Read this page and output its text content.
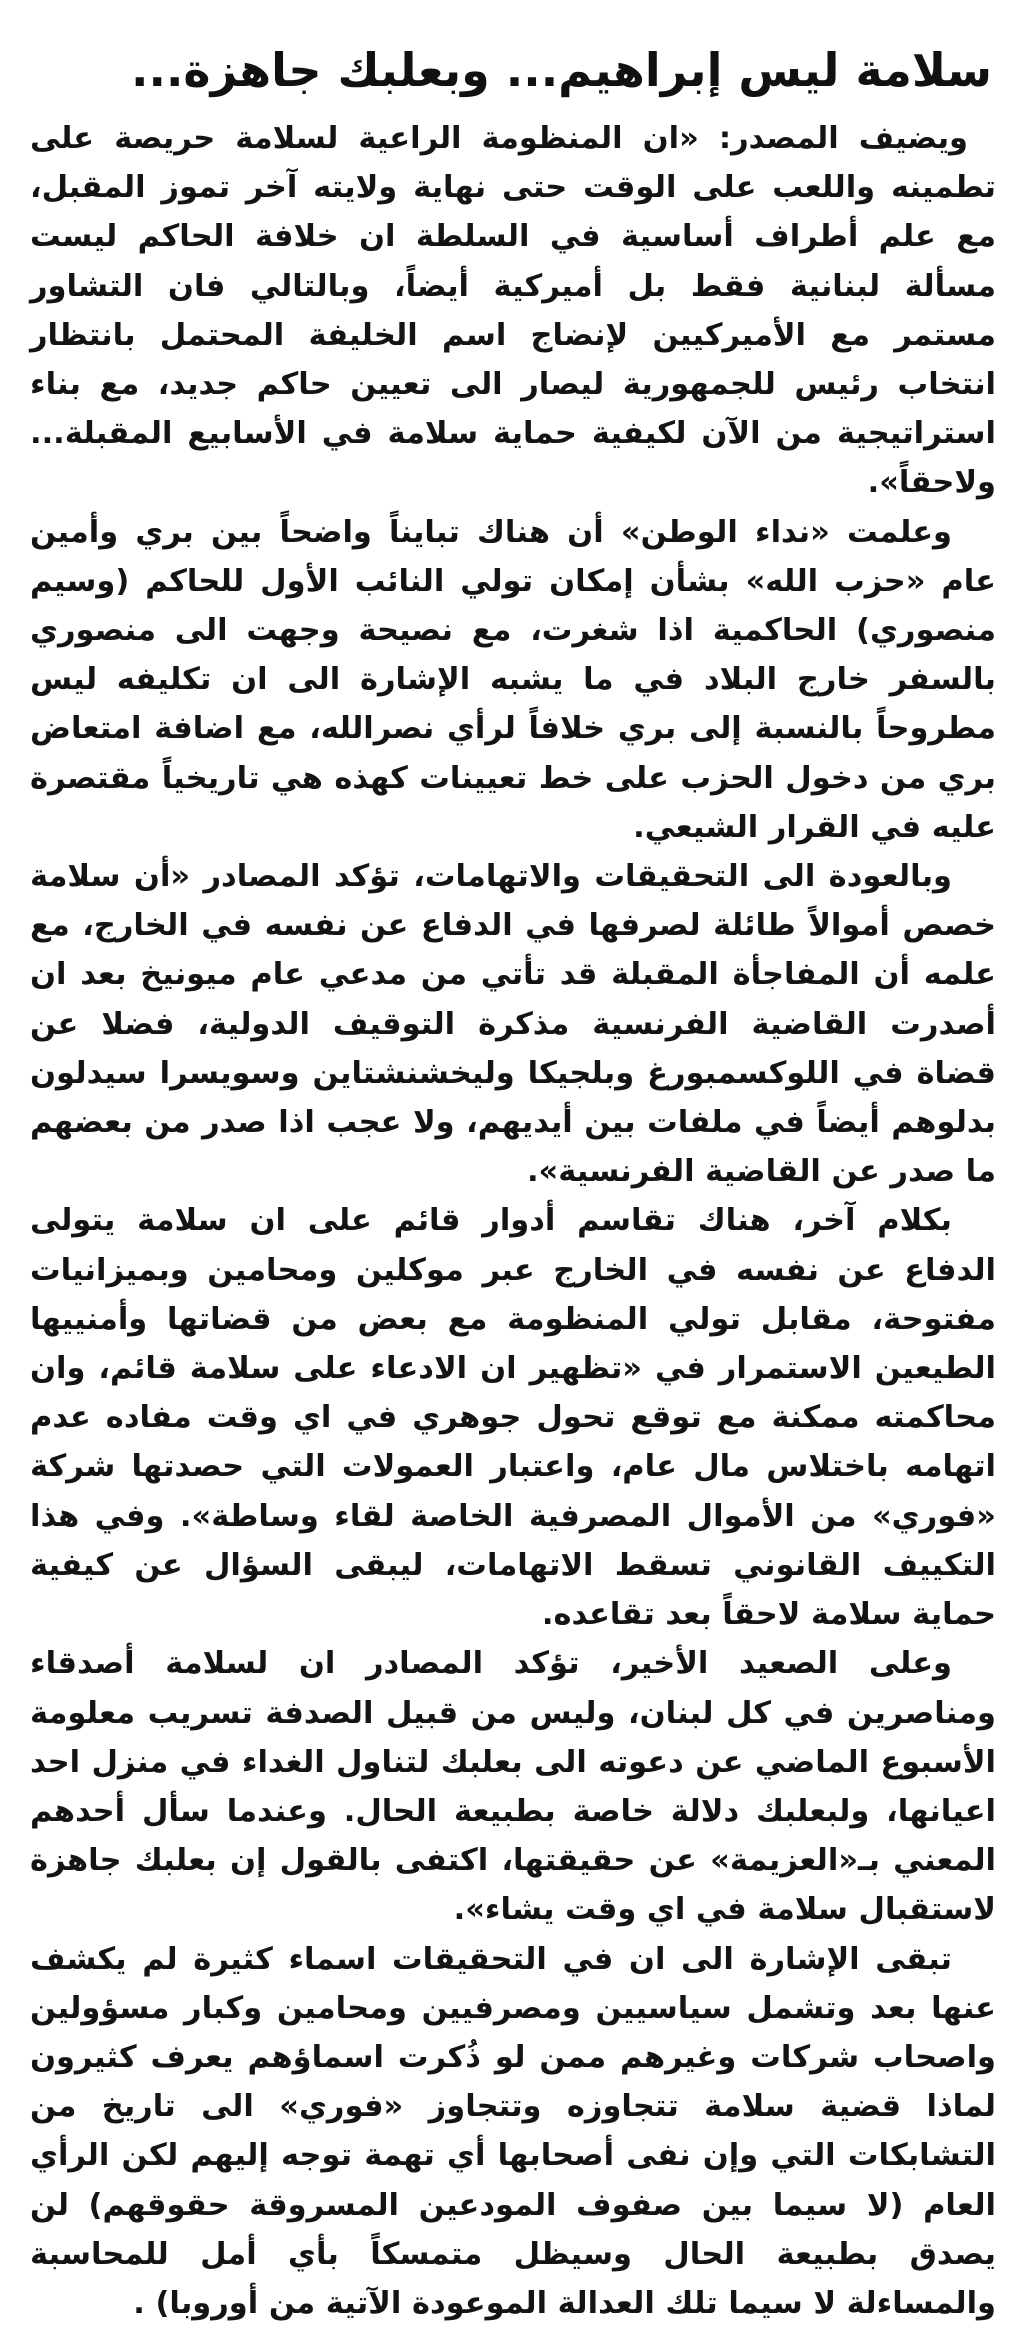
سلامة ليس إبراهيم... وبعلبك جاهزة...

ويضيف المصدر: «ان المنظومة الراعية لسلامة حريصة على تطمينه واللعب على الوقت حتى نهاية ولايته آخر تموز المقبل، مع علم أطراف أساسية في السلطة ان خلافة الحاكم ليست مسألة لبنانية فقط بل أميركية أيضاً، وبالتالي فان التشاور مستمر مع الأميركيين لإنضاج اسم الخليفة المحتمل بانتظار انتخاب رئيس للجمهورية ليصار الى تعيين حاكم جديد، مع بناء استراتيجية من الآن لكيفية حماية سلامة في الأسابيع المقبلة... ولاحقاً».

وعلمت «نداء الوطن» أن هناك تبايناً واضحاً بين بري وأمين عام «حزب الله» بشأن إمكان تولي النائب الأول للحاكم (وسيم منصوري) الحاكمية اذا شغرت، مع نصيحة وجهت الى منصوري بالسفر خارج البلاد في ما يشبه الإشارة الى ان تكليفه ليس مطروحاً بالنسبة إلى بري خلافاً لرأي نصرالله، مع اضافة امتعاض بري من دخول الحزب على خط تعيينات كهذه هي تاريخياً مقتصرة عليه في القرار الشيعي.

وبالعودة الى التحقيقات والاتهامات، تؤكد المصادر «أن سلامة خصص أموالاً طائلة لصرفها في الدفاع عن نفسه في الخارج، مع علمه أن المفاجأة المقبلة قد تأتي من مدعي عام ميونيخ بعد ان أصدرت القاضية الفرنسية مذكرة التوقيف الدولية، فضلا عن قضاة في اللوكسمبورغ وبلجيكا وليخشنشتاين وسويسرا سيدلون بدلوهم أيضاً في ملفات بين أيديهم، ولا عجب اذا صدر من بعضهم ما صدر عن القاضية الفرنسية».

بكلام آخر، هناك تقاسم أدوار قائم على ان سلامة يتولى الدفاع عن نفسه في الخارج عبر موكلين ومحامين وبميزانيات مفتوحة، مقابل تولي المنظومة مع بعض من قضاتها وأمنييها الطيعين الاستمرار في «تظهير ان الادعاء على سلامة قائم، وان محاكمته ممكنة مع توقع تحول جوهري في اي وقت مفاده عدم اتهامه باختلاس مال عام، واعتبار العمولات التي حصدتها شركة «فوري» من الأموال المصرفية الخاصة لقاء وساطة». وفي هذا التكييف القانوني تسقط الاتهامات، ليبقى السؤال عن كيفية حماية سلامة لاحقاً بعد تقاعده.

وعلى الصعيد الأخير، تؤكد المصادر ان لسلامة أصدقاء ومناصرين في كل لبنان، وليس من قبيل الصدفة تسريب معلومة الأسبوع الماضي عن دعوته الى بعلبك لتناول الغداء في منزل احد اعيانها، ولبعلبك دلالة خاصة بطبيعة الحال. وعندما سأل أحدهم المعني بـ«العزيمة» عن حقيقتها، اكتفى بالقول إن بعلبك جاهزة لاستقبال سلامة في اي وقت يشاء».

تبقى الإشارة الى ان في التحقيقات اسماء كثيرة لم يكشف عنها بعد وتشمل سياسيين ومصرفيين ومحامين وكبار مسؤولين واصحاب شركات وغيرهم ممن لو ذُكرت اسماؤهم يعرف كثيرون لماذا قضية سلامة تتجاوزه وتتجاوز «فوري» الى تاريخ من التشابكات التي وإن نفى أصحابها أي تهمة توجه إليهم لكن الرأي العام (لا سيما بين صفوف المودعين المسروقة حقوقهم) لن يصدق بطبيعة الحال وسيظل متمسكاً بأي أمل للمحاسبة والمساءلة لا سيما تلك العدالة الموعودة الآتية من أوروبا) .
